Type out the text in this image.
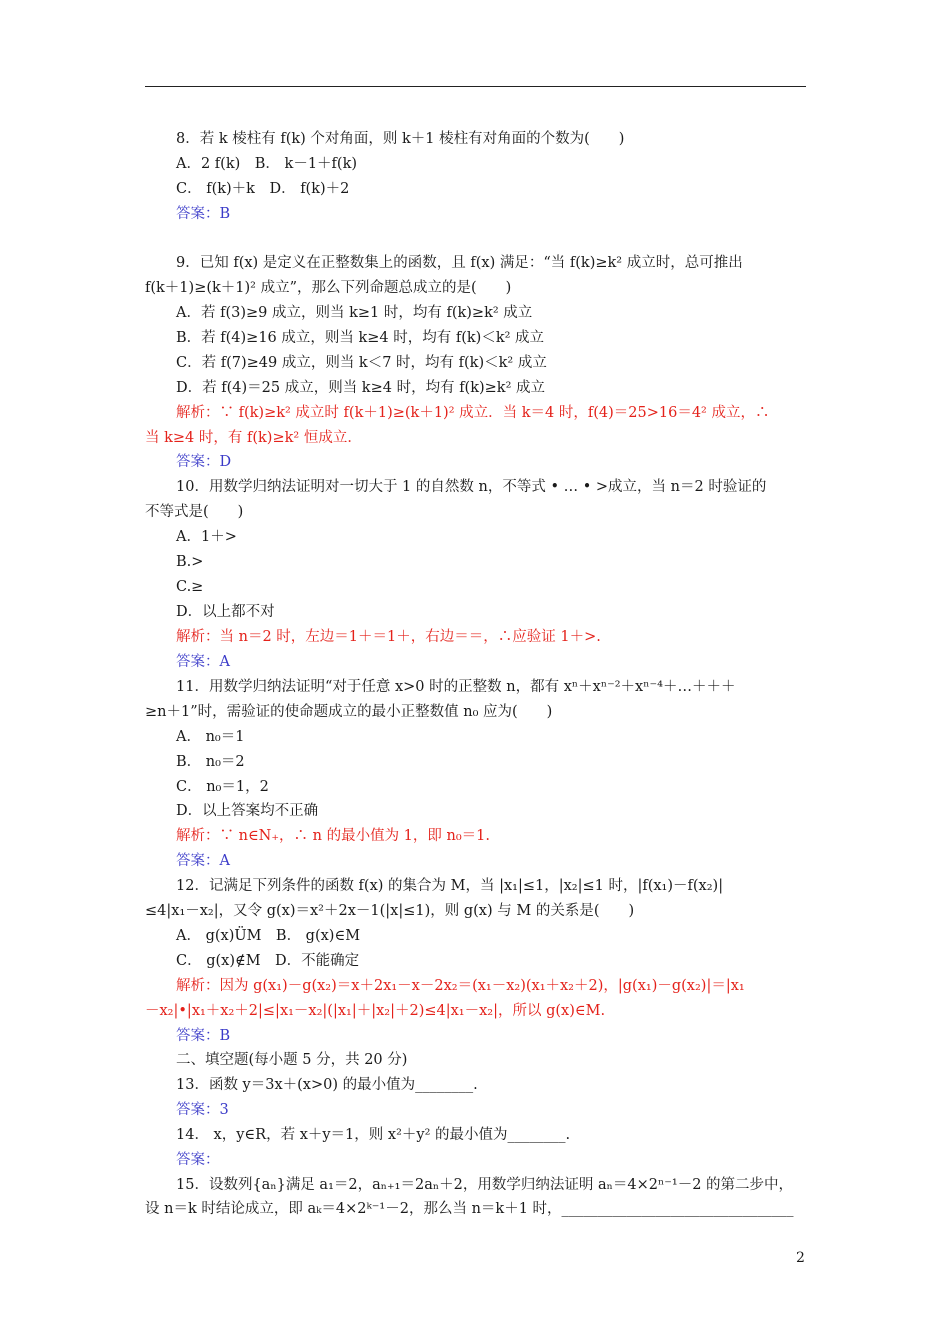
8．若 k 棱柱有 f(k) 个对角面，则 k＋1 棱柱有对角面的个数为(　　)
A．2 f(k)　B． k－1＋f(k)
C． f(k)＋k　D． f(k)＋2
答案：B
9．已知 f(x) 是定义在正整数集上的函数，且 f(x) 满足：“当 f(k)≥k² 成立时，总可推出
f(k＋1)≥(k＋1)² 成立”，那么下列命题总成立的是(　　)
A．若 f(3)≥9 成立，则当 k≥1 时，均有 f(k)≥k² 成立
B．若 f(4)≥16 成立，则当 k≥4 时，均有 f(k)＜k² 成立
C．若 f(7)≥49 成立，则当 k＜7 时，均有 f(k)＜k² 成立
D．若 f(4)＝25 成立，则当 k≥4 时，均有 f(k)≥k² 成立
解析：∵ f(k)≥k² 成立时 f(k＋1)≥(k＋1)² 成立．当 k＝4 时，f(4)＝25>16＝4² 成立，∴
当 k≥4 时，有 f(k)≥k² 恒成立．
答案：D
10．用数学归纳法证明对一切大于 1 的自然数 n，不等式 • … • >成立，当 n＝2 时验证的
不等式是(　　)
A．1＋>
B.>
C.≥
D．以上都不对
解析：当 n＝2 时，左边＝1＋＝1＋，右边＝＝，∴应验证 1＋>.
答案：A
11．用数学归纳法证明“对于任意 x>0 时的正整数 n，都有 xⁿ＋xⁿ⁻²＋xⁿ⁻⁴＋…＋＋＋
≥n＋1”时，需验证的使命题成立的最小正整数值 n₀ 应为(　　)
A． n₀＝1
B． n₀＝2
C． n₀＝1，2
D．以上答案均不正确
解析：∵ n∈N₊，∴ n 的最小值为 1，即 n₀＝1.
答案：A
12．记满足下列条件的函数 f(x) 的集合为 M，当 |x₁|≤1，|x₂|≤1 时，|f(x₁)－f(x₂)|
≤4|x₁－x₂|，又令 g(x)＝x²＋2x－1(|x|≤1)，则 g(x) 与 M 的关系是(　　)
A． g(x)ÜM　B． g(x)∈M
C． g(x)∉M　D．不能确定
解析：因为 g(x₁)－g(x₂)＝x＋2x₁－x－2x₂＝(x₁－x₂)(x₁＋x₂＋2)，|g(x₁)－g(x₂)|＝|x₁
－x₂|•|x₁＋x₂＋2|≤|x₁－x₂|(|x₁|＋|x₂|＋2)≤4|x₁－x₂|，所以 g(x)∈M.
答案：B
二、填空题(每小题 5 分，共 20 分)
13．函数 y＝3x＋(x>0) 的最小值为________.
答案：3
14． x，y∈R，若 x＋y＝1，则 x²＋y² 的最小值为________.
答案：
15．设数列{aₙ}满足 a₁＝2，aₙ₊₁＝2aₙ＋2，用数学归纳法证明 aₙ＝4×2ⁿ⁻¹－2 的第二步中，
设 n＝k 时结论成立，即 aₖ＝4×2ᵏ⁻¹－2，那么当 n＝k＋1 时，________________________________
2
